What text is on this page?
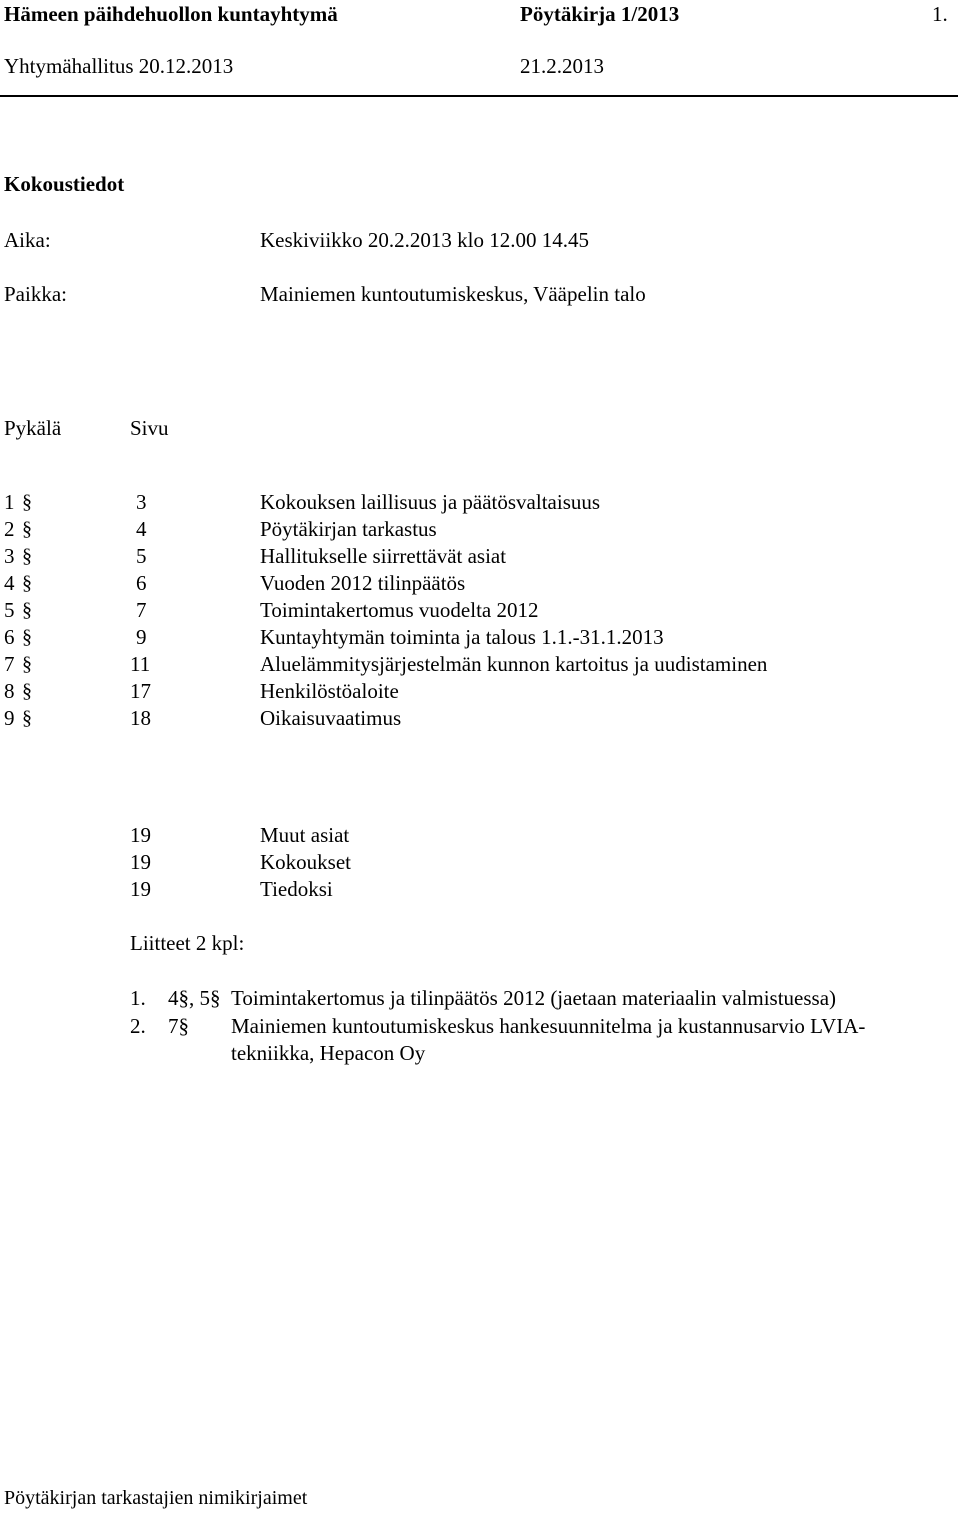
Hämeen päihdehuollon kuntayhtymä	Pöytäkirja 1/2013	1.
Yhtymähallitus 20.12.2013	21.2.2013
Kokoustiedot
Aika:	Keskiviikko 20.2.2013 klo 12.00 14.45
Paikka:	Mainiemen kuntoutumiskeskus, Vääpelin talo
Pykälä	Sivu
1 §	3	Kokouksen laillisuus ja päätösvaltaisuus
2 §	4	Pöytäkirjan tarkastus
3 §	5	Hallitukselle siirrettävät asiat
4 §	6	Vuoden 2012 tilinpäätös
5 §	7	Toimintakertomus vuodelta 2012
6 §	9	Kuntayhtymän toiminta ja talous 1.1.-31.1.2013
7 §	11	Aluelämmitysjärjestelmän kunnon kartoitus ja uudistaminen
8 §	17	Henkilöstöaloite
9 §	18	Oikaisuvaatimus
19	Muut asiat
19	Kokoukset
19	Tiedoksi
Liitteet 2 kpl:
1. 4§, 5§ Toimintakertomus ja tilinpäätös 2012 (jaetaan materiaalin valmistuessa)
2. 7§ Mainiemen kuntoutumiskeskus hankesuunnitelma ja kustannusarvio LVIA-
tekniikka, Hepacon Oy
Pöytäkirjan tarkastajien nimikirjaimet
